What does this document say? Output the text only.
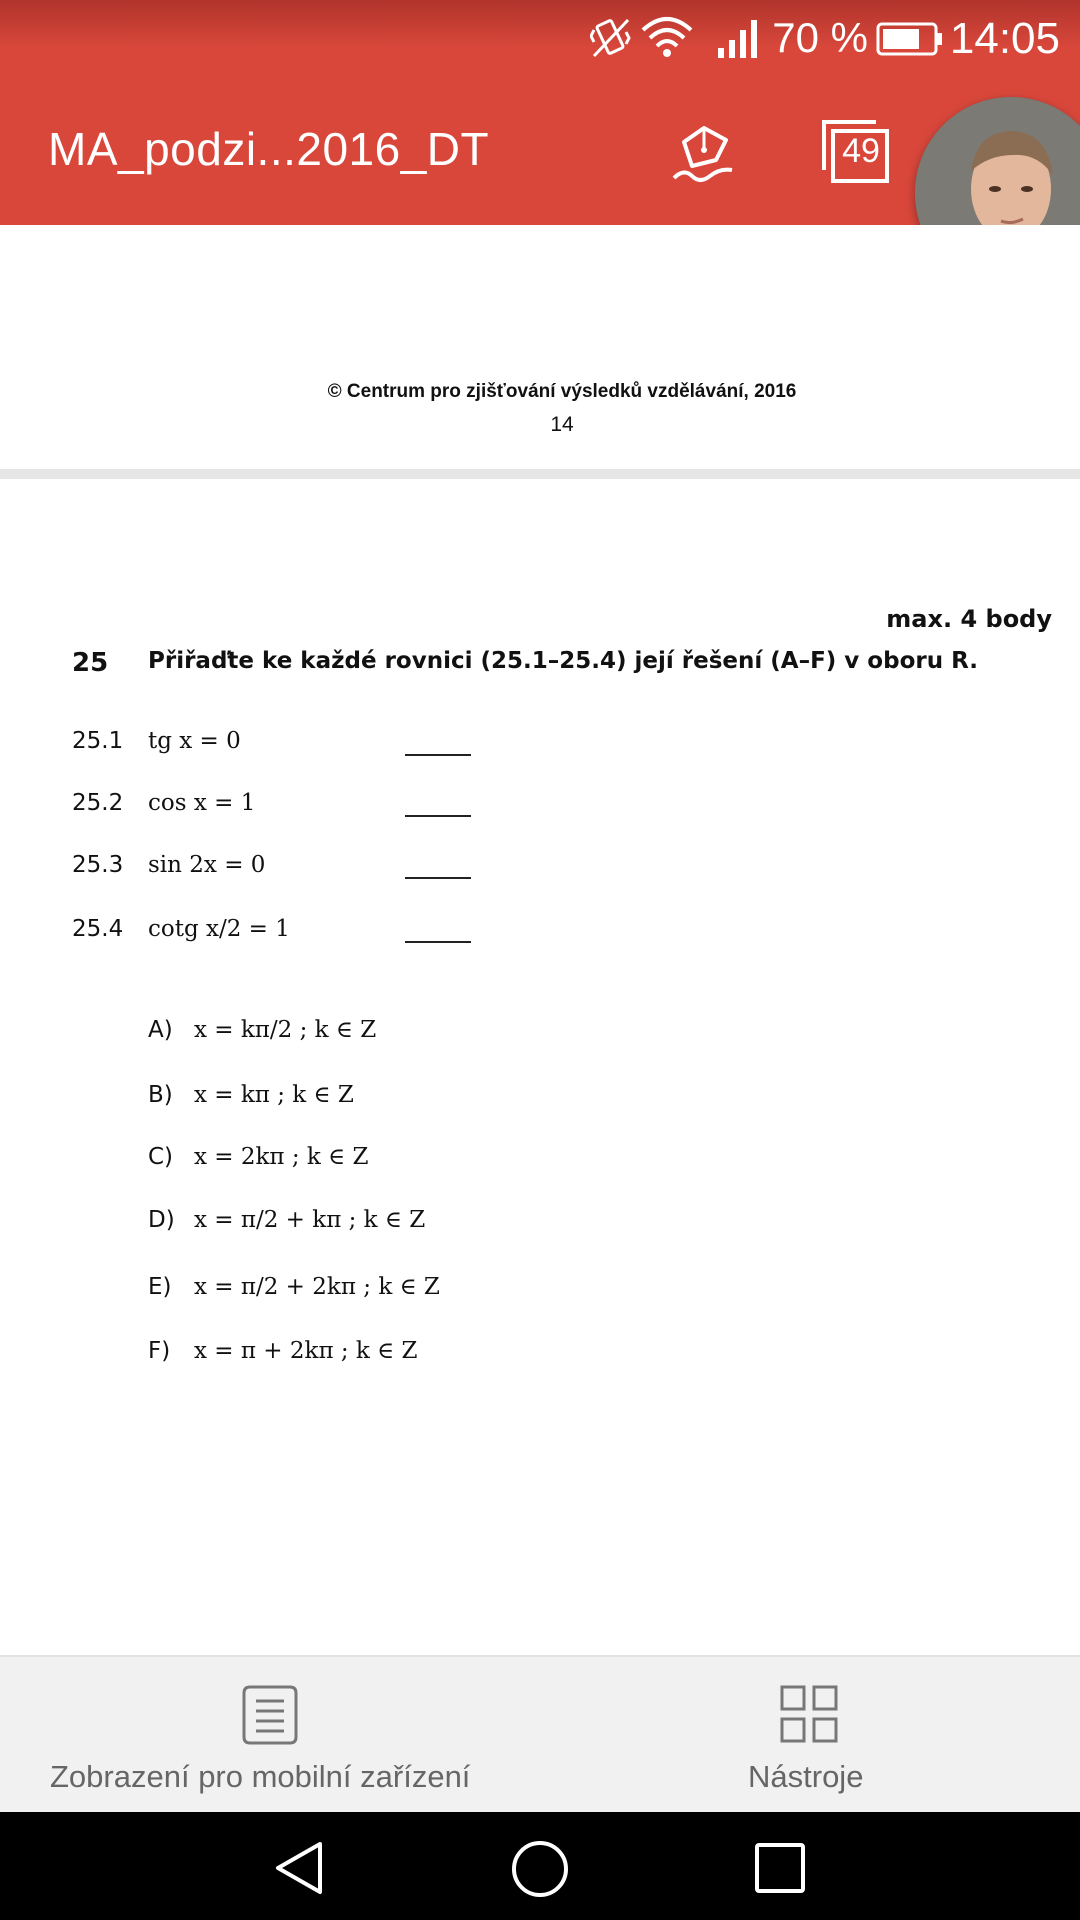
70 % 14:05
MA_podzi...2016_DT	49
© Centrum pro zjišťování výsledků vzdělávání, 2016
14
max. 4 body
25 Přiřaďte ke každé rovnici (25.1–25.4) její řešení (A–F) v oboru R.
25.1 tg x = 0
25.2 cos x = 1
25.3 sin 2x = 0
25.4 cotg x/2 = 1
A) x = kπ/2 ; k ∈ Z
B) x = kπ ; k ∈ Z
C) x = 2kπ ; k ∈ Z
D) x = π/2 + kπ ; k ∈ Z
E) x = π/2 + 2kπ ; k ∈ Z
F) x = π + 2kπ ; k ∈ Z
Zobrazení pro mobilní zařízení	Nástroje
